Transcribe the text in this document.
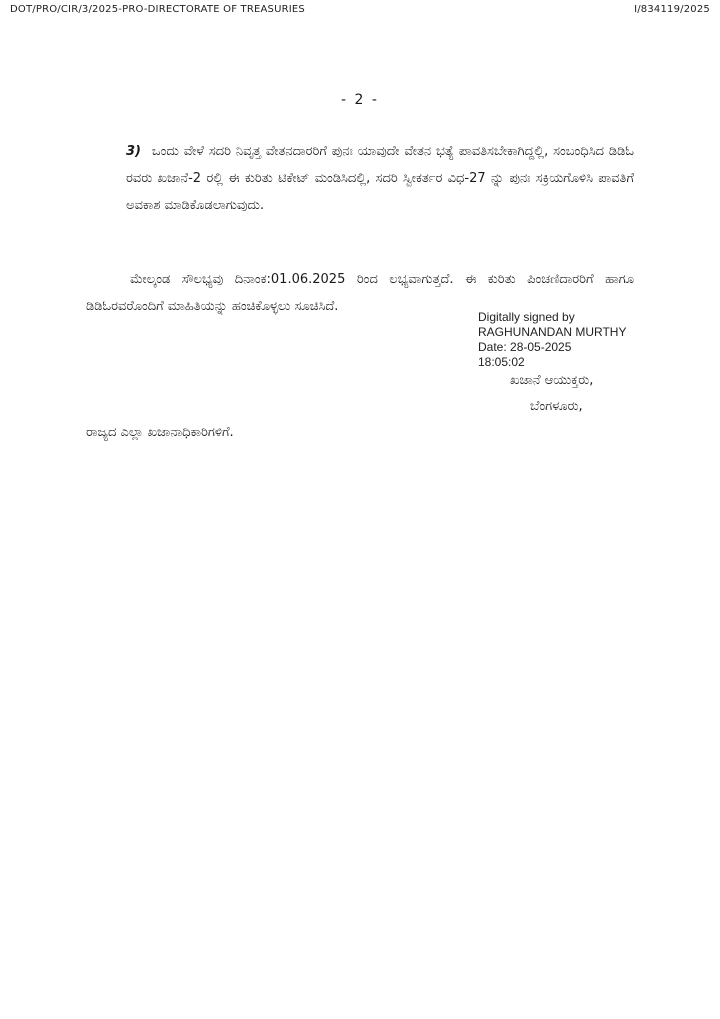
DOT/PRO/CIR/3/2025-PRO-DIRECTORATE OF TREASURIES	I/834119/2025
- 2 -
3) ಒಂದು ವೇಳೆ ಸದರಿ ನಿವೃತ್ತ ವೇತನದಾರರಿಗೆ ಪುನಃ ಯಾವುದೇ ವೇತನ ಭತ್ಯೆ ಪಾವತಿಸಬೇಕಾಗಿದ್ದಲ್ಲಿ, ಸಂಬಂಧಿಸಿದ ಡಿಡಿಓ ರವರು ಖಜಾನೆ-2 ರಲ್ಲಿ ಈ ಕುರಿತು ಟಿಕೇಟ್ ಮಂಡಿಸಿದಲ್ಲಿ, ಸದರಿ ಸ್ವೀಕರ್ತರ ವಿಧ-27 ನ್ನು ಪುನಃ ಸಕ್ರಿಯಗೊಳಿಸಿ ಪಾವತಿಗೆ ಅವಕಾಶ ಮಾಡಿಕೊಡಲಾಗುವುದು.
ಮೇಲ್ಕಂಡ ಸೌಲಭ್ಯವು ದಿನಾಂಕ:01.06.2025 ರಿಂದ ಲಭ್ಯವಾಗುತ್ತದೆ. ಈ ಕುರಿತು ಪಿಂಚಣಿದಾರರಿಗೆ ಹಾಗೂ ಡಿಡಿಓರವರೊಂದಿಗೆ ಮಾಹಿತಿಯನ್ನು ಹಂಚಿಕೊಳ್ಳಲು ಸೂಚಿಸಿದೆ.
Digitally signed by
RAGHUNANDAN MURTHY
Date: 28-05-2025
18:05:02
ಖಜಾನೆ ಆಯುಕ್ತರು,
ಬೆಂಗಳೂರು,
ರಾಜ್ಯದ ಎಲ್ಲಾ ಖಜಾನಾಧಿಕಾರಿಗಳಿಗೆ.
